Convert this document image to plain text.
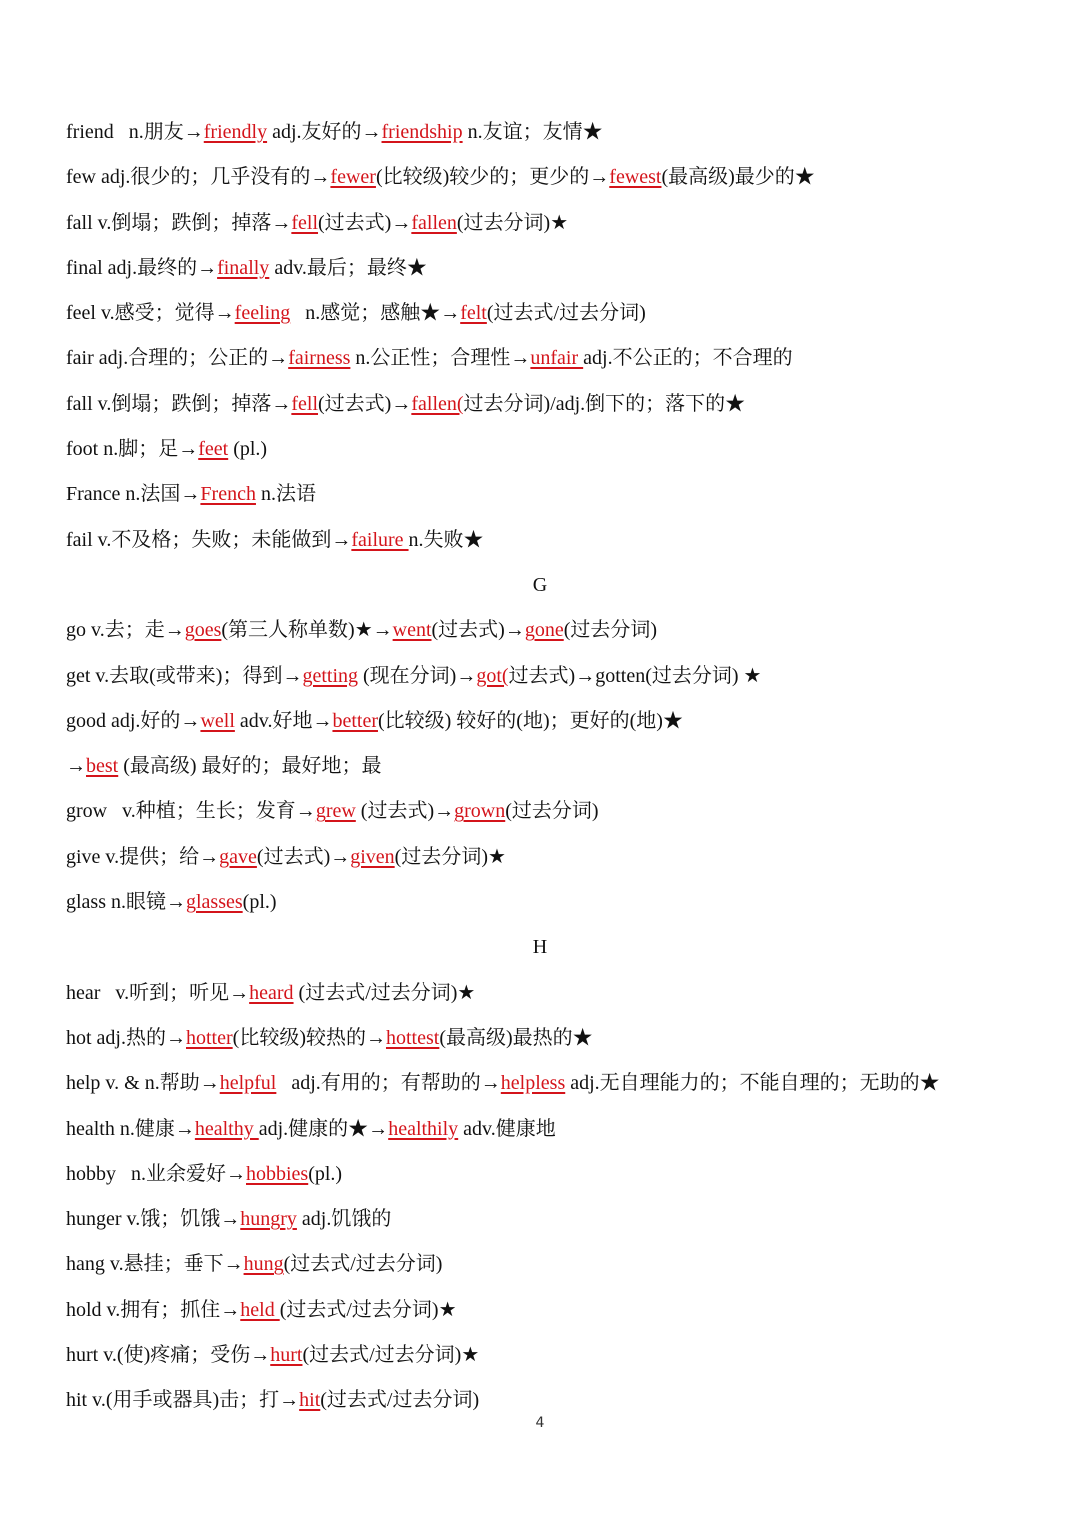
friend   n.朋友→friendly adj.友好的→friendship n.友谊；友情★
few adj.很少的；几乎没有的→fewer(比较级)较少的；更少的→fewest(最高级)最少的★
fall v.倒塌；跌倒；掉落→fell(过去式)→fallen(过去分词)★
final adj.最终的→finally adv.最后；最终★
feel v.感受；觉得→feeling   n.感觉；感触★→felt(过去式/过去分词)
fair adj.合理的；公正的→fairness n.公正性；合理性→unfair adj.不公正的；不合理的
fall v.倒塌；跌倒；掉落→fell(过去式)→fallen(过去分词)/adj.倒下的；落下的★
foot n.脚；足→feet (pl.)
France n.法国→French n.法语
fail v.不及格；失败；未能做到→failure n.失败★
G
go v.去；走→goes(第三人称单数)★→went(过去式)→gone(过去分词)
get v.去取(或带来)；得到→getting (现在分词)→got(过去式)→gotten(过去分词) ★
good adj.好的→well adv.好地→better(比较级) 较好的(地)；更好的(地)★
→best (最高级) 最好的；最好地；最
grow   v.种植；生长；发育→grew (过去式)→grown(过去分词)
give v.提供；给→gave(过去式)→given(过去分词)★
glass n.眼镜→glasses(pl.)
H
hear   v.听到；听见→heard (过去式/过去分词)★
hot adj.热的→hotter(比较级)较热的→hottest(最高级)最热的★
help v. & n.帮助→helpful   adj.有用的；有帮助的→helpless adj.无自理能力的；不能自理的；无助的★
health n.健康→healthy adj.健康的★→healthily adv.健康地
hobby   n.业余爱好→hobbies(pl.)
hunger v.饿；饥饿→hungry adj.饥饿的
hang v.悬挂；垂下→hung(过去式/过去分词)
hold v.拥有；抓住→held (过去式/过去分词)★
hurt v.(使)疼痛；受伤→hurt(过去式/过去分词)★
hit v.(用手或器具)击；打→hit(过去式/过去分词)
4
